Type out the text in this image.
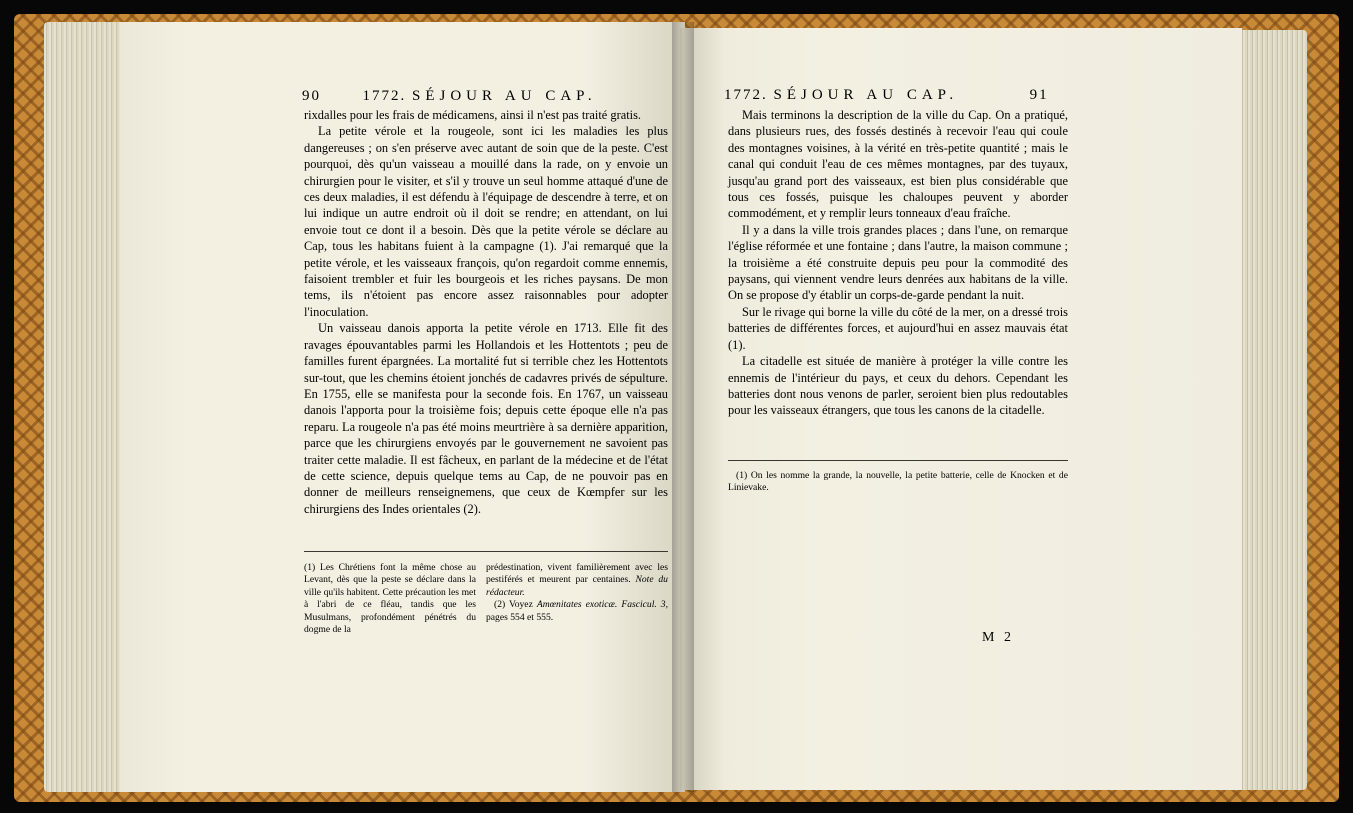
90	1772. SÉJOUR AU CAP.

rixdalles pour les frais de médicamens, ainsi il n'est pas traité gratis.

La petite vérole et la rougeole, sont ici les maladies les plus dangereuses ; on s'en préserve avec autant de soin que de la peste. C'est pourquoi, dès qu'un vaisseau a mouillé dans la rade, on y envoie un chirurgien pour le visiter, et s'il y trouve un seul homme attaqué d'une de ces deux maladies, il est défendu à l'équipage de descendre à terre, et on lui indique un autre endroit où il doit se rendre; en attendant, on lui envoie tout ce dont il a besoin. Dès que la petite vérole se déclare au Cap, tous les habitans fuient à la campagne (1). J'ai remarqué que la petite vérole, et les vaisseaux françois, qu'on regardoit comme ennemis, faisoient trembler et fuir les bourgeois et les riches paysans. De mon tems, ils n'étoient pas encore assez raisonnables pour adopter l'inoculation.

Un vaisseau danois apporta la petite vérole en 1713. Elle fit des ravages épouvantables parmi les Hollandois et les Hottentots ; peu de familles furent épargnées. La mortalité fut si terrible chez les Hottentots sur-tout, que les chemins étoient jonchés de cadavres privés de sépulture. En 1755, elle se manifesta pour la seconde fois. En 1767, un vaisseau danois l'apporta pour la troisième fois; depuis cette époque elle n'a pas reparu. La rougeole n'a pas été moins meurtrière à sa dernière apparition, parce que les chirurgiens envoyés par le gouvernement ne savoient pas traiter cette maladie. Il est fâcheux, en parlant de la médecine et de l'état de cette science, depuis quelque tems au Cap, de ne pouvoir pas en donner de meilleurs renseignemens, que ceux de Kœmpfer sur les chirurgiens des Indes orientales (2).

(1) Les Chrétiens font la même chose au Levant, dès que la peste se déclare dans la ville qu'ils habitent. Cette précaution les met à l'abri de ce fléau, tandis que les Musulmans, profondément pénétrés du dogme de la

prédestination, vivent familièrement avec les pestiférés et meurent par centaines. Note du rédacteur.

(2) Voyez Amœnitates exoticæ. Fascicul. 3, pages 554 et 555.

1772. SÉJOUR AU CAP.	91

Mais terminons la description de la ville du Cap. On a pratiqué, dans plusieurs rues, des fossés destinés à recevoir l'eau qui coule des montagnes voisines, à la vérité en très-petite quantité ; mais le canal qui conduit l'eau de ces mêmes montagnes, par des tuyaux, jusqu'au grand port des vaisseaux, est bien plus considérable que tous ces fossés, puisque les chaloupes peuvent y aborder commodément, et y remplir leurs tonneaux d'eau fraîche.

Il y a dans la ville trois grandes places ; dans l'une, on remarque l'église réformée et une fontaine ; dans l'autre, la maison commune ; la troisième a été construite depuis peu pour la commodité des paysans, qui viennent vendre leurs denrées aux habitans de la ville. On se propose d'y établir un corps-de-garde pendant la nuit.

Sur le rivage qui borne la ville du côté de la mer, on a dressé trois batteries de différentes forces, et aujourd'hui en assez mauvais état (1).

La citadelle est située de manière à protéger la ville contre les ennemis de l'intérieur du pays, et ceux du dehors. Cependant les batteries dont nous venons de parler, seroient bien plus redoutables pour les vaisseaux étrangers, que tous les canons de la citadelle.

(1) On les nomme la grande, la nouvelle, la petite batterie, celle de Knocken et de Linievake.

M 2
